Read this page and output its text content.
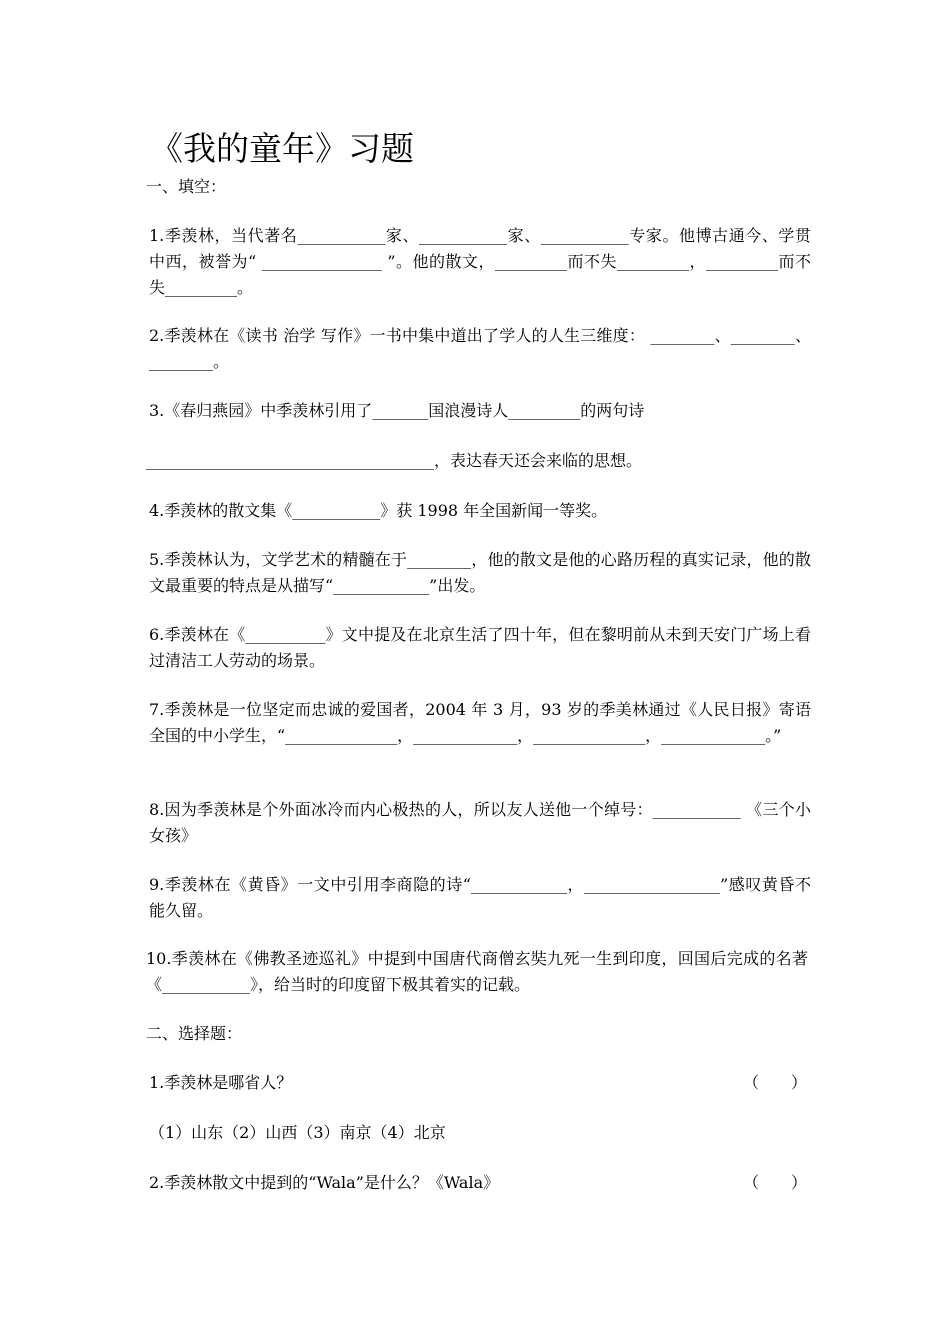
《我的童年》习题
一、填空：
1.季羡林，当代著名___________家、___________家、___________专家。他博古通今、学贯中西，被誉为“ _______________ ”。他的散文，_________而不失_________，_________而不失_________。
2.季羡林在《读书 治学 写作》一书中集中道出了学人的人生三维度： ________、________、________。
3.《春归燕园》中季羡林引用了_______国浪漫诗人_________的两句诗
____________________________________，表达春天还会来临的思想。
4.季羡林的散文集《___________》获 1998 年全国新闻一等奖。
5.季羡林认为，文学艺术的精髓在于________，他的散文是他的心路历程的真实记录，他的散文最重要的特点是从描写“____________”出发。
6.季羡林在《__________》文中提及在北京生活了四十年，但在黎明前从未到天安门广场上看过清洁工人劳动的场景。
7.季羡林是一位坚定而忠诚的爱国者，2004 年 3 月，93 岁的季美林通过《人民日报》寄语全国的中小学生，“______________，_____________，______________，_____________。”
8.因为季羡林是个外面冰冷而内心极热的人，所以友人送他一个绰号：___________ 《三个小女孩》
9.季羡林在《黄昏》一文中引用李商隐的诗“____________，_________________”感叹黄昏不能久留。
10.季羡林在《佛教圣迹巡礼》中提到中国唐代商僧玄奘九死一生到印度，回国后完成的名著《___________》，给当时的印度留下极其着实的记载。
二、选择题：
1.季羡林是哪省人？	（　　）
（1）山东（2）山西（3）南京（4）北京
2.季羡林散文中提到的“Wala”是什么？《Wala》	（　　）
